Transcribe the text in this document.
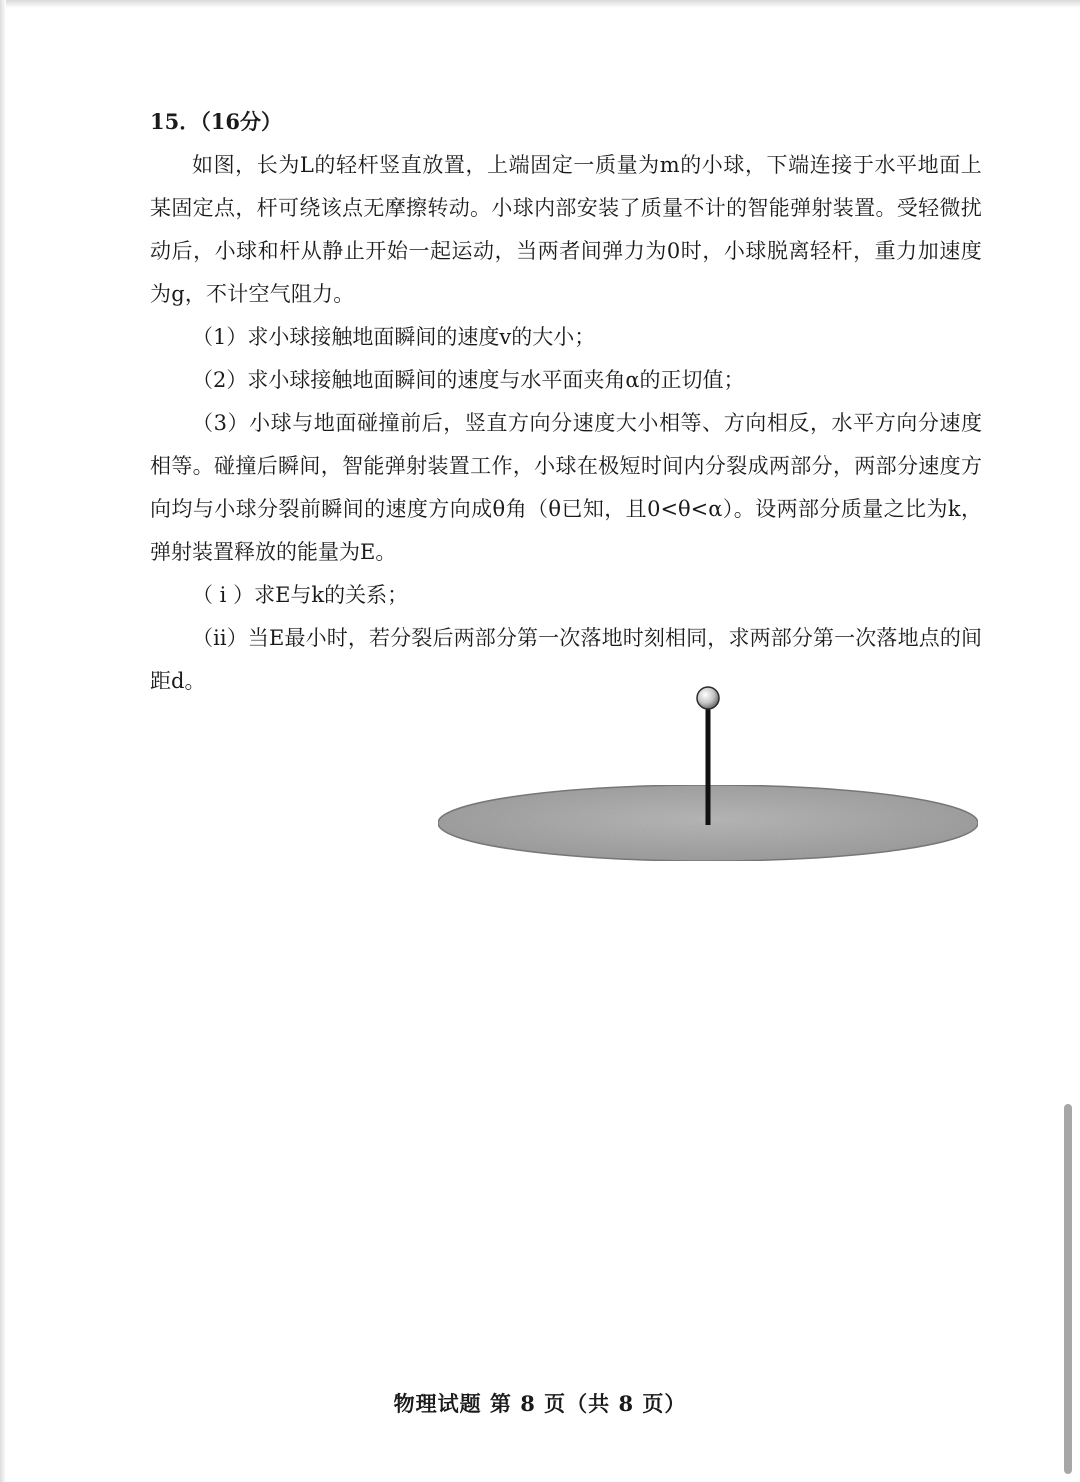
15．（16分）

如图，长为L的轻杆竖直放置，上端固定一质量为m的小球，下端连接于水平地面上某固定点，杆可绕该点无摩擦转动。小球内部安装了质量不计的智能弹射装置。受轻微扰动后，小球和杆从静止开始一起运动，当两者间弹力为0时，小球脱离轻杆，重力加速度为g，不计空气阻力。

（1）求小球接触地面瞬间的速度v的大小；

（2）求小球接触地面瞬间的速度与水平面夹角α的正切值；

（3）小球与地面碰撞前后，竖直方向分速度大小相等、方向相反，水平方向分速度相等。碰撞后瞬间，智能弹射装置工作，小球在极短时间内分裂成两部分，两部分速度方向均与小球分裂前瞬间的速度方向成θ角（θ已知，且0<θ<α）。设两部分质量之比为k，弹射装置释放的能量为E。

（ i ）求E与k的关系；

（ii）当E最小时，若分裂后两部分第一次落地时刻相同，求两部分第一次落地点的间距d。

物理试题 第 8 页（共 8 页）
